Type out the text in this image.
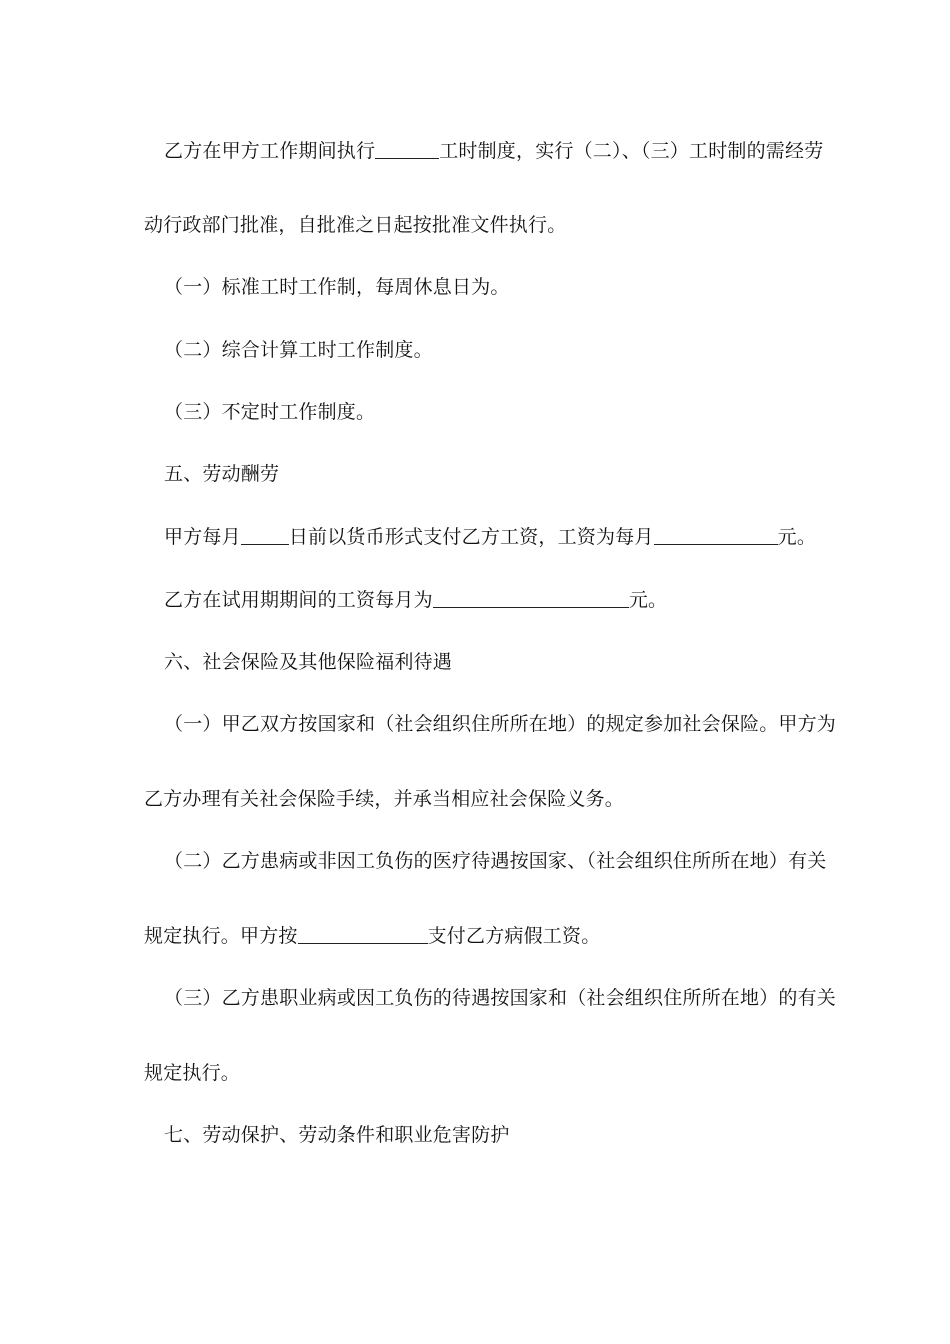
乙方在甲方工作期间执行	工时制度，实行（二）、（三）工时制的需经劳
动行政部门批准，自批准之日起按批准文件执行。
（一）标准工时工作制，每周休息日为。
（二）综合计算工时工作制度。
（三）不定时工作制度。
五、劳动酬劳
甲方每月	日前以货币形式支付乙方工资，工资为每月	元。
乙方在试用期期间的工资每月为	元。
六、社会保险及其他保险福利待遇
（一）甲乙双方按国家和（社会组织住所所在地）的规定参加社会保险。甲方为
乙方办理有关社会保险手续，并承当相应社会保险义务。
（二）乙方患病或非因工负伤的医疗待遇按国家、（社会组织住所所在地）有关
规定执行。甲方按	支付乙方病假工资。
（三）乙方患职业病或因工负伤的待遇按国家和（社会组织住所所在地）的有关
规定执行。
七、劳动保护、劳动条件和职业危害防护
